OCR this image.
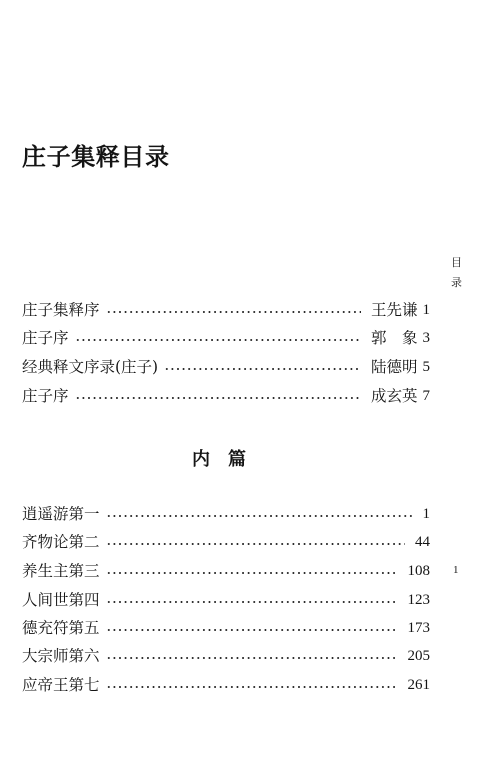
庄子集释目录
目
录
庄子集释序	王先谦 1
庄子序	郭　象 3
经典释文序录(庄子)	陆德明 5
庄子序	成玄英 7
内　篇
逍遥游第一	1
齐物论第二	44
养生主第三	108
人间世第四	123
德充符第五	173
大宗师第六	205
应帝王第七	261
1
